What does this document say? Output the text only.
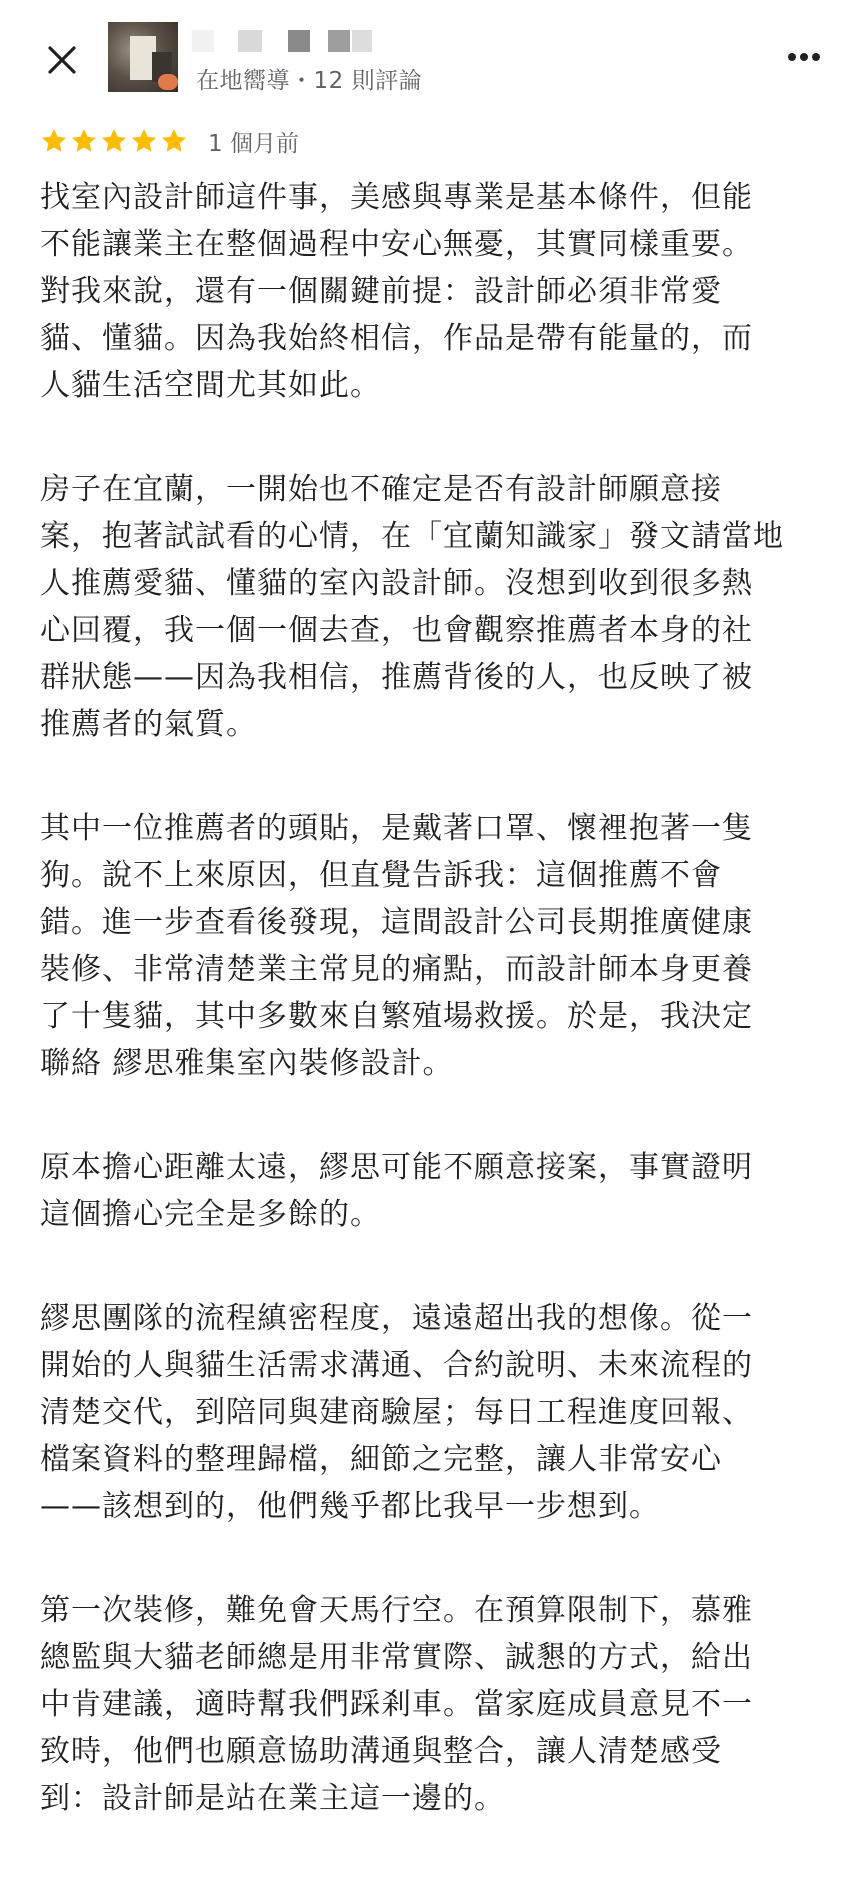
在地嚮導・12 則評論
1 個月前
找室內設計師這件事，美感與專業是基本條件，但能
不能讓業主在整個過程中安心無憂，其實同樣重要。
對我來說，還有一個關鍵前提：設計師必須非常愛
貓、懂貓。因為我始終相信，作品是帶有能量的，而
人貓生活空間尤其如此。
房子在宜蘭，一開始也不確定是否有設計師願意接
案，抱著試試看的心情，在「宜蘭知識家」發文請當地
人推薦愛貓、懂貓的室內設計師。沒想到收到很多熱
心回覆，我一個一個去查，也會觀察推薦者本身的社
群狀態——因為我相信，推薦背後的人，也反映了被
推薦者的氣質。
其中一位推薦者的頭貼，是戴著口罩、懷裡抱著一隻
狗。說不上來原因，但直覺告訴我：這個推薦不會
錯。進一步查看後發現，這間設計公司長期推廣健康
裝修、非常清楚業主常見的痛點，而設計師本身更養
了十隻貓，其中多數來自繁殖場救援。於是，我決定
聯絡 繆思雅集室內裝修設計。
原本擔心距離太遠，繆思可能不願意接案，事實證明
這個擔心完全是多餘的。
繆思團隊的流程縝密程度，遠遠超出我的想像。從一
開始的人與貓生活需求溝通、合約說明、未來流程的
清楚交代，到陪同與建商驗屋；每日工程進度回報、
檔案資料的整理歸檔，細節之完整，讓人非常安心
——該想到的，他們幾乎都比我早一步想到。
第一次裝修，難免會天馬行空。在預算限制下，慕雅
總監與大貓老師總是用非常實際、誠懇的方式，給出
中肯建議，適時幫我們踩剎車。當家庭成員意見不一
致時，他們也願意協助溝通與整合，讓人清楚感受
到：設計師是站在業主這一邊的。
